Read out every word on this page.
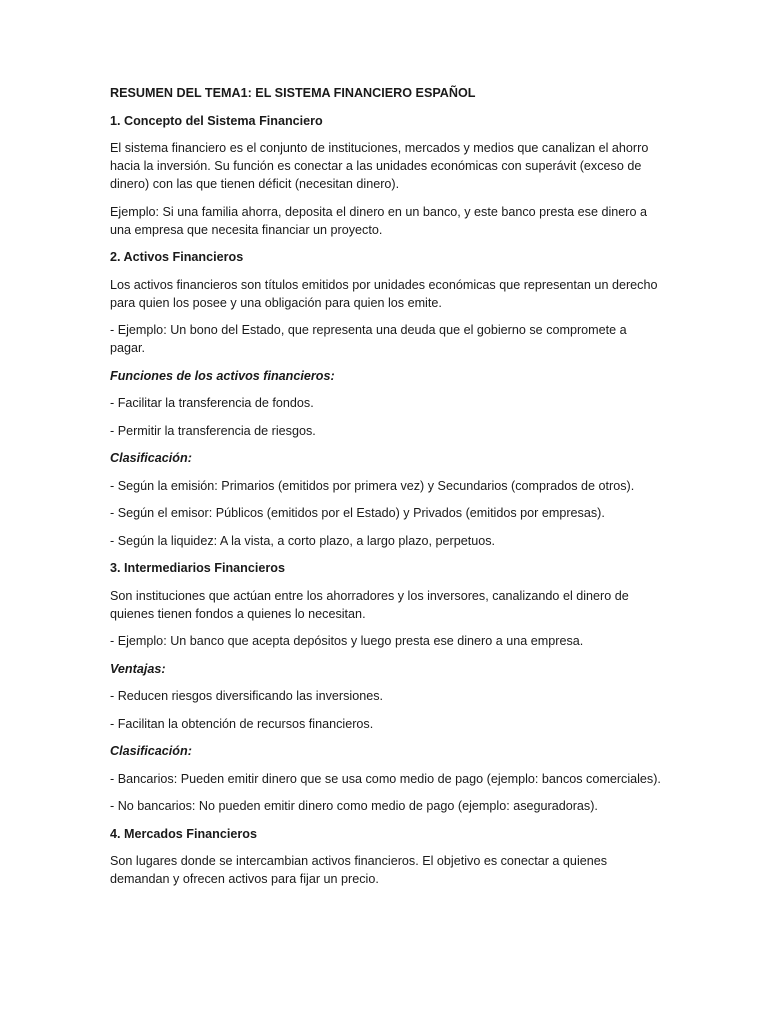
RESUMEN DEL TEMA1: EL SISTEMA FINANCIERO ESPAÑOL

1. Concepto del Sistema Financiero

El sistema financiero es el conjunto de instituciones, mercados y medios que canalizan el ahorro hacia la inversión. Su función es conectar a las unidades económicas con superávit (exceso de dinero) con las que tienen déficit (necesitan dinero).

Ejemplo: Si una familia ahorra, deposita el dinero en un banco, y este banco presta ese dinero a una empresa que necesita financiar un proyecto.

2. Activos Financieros

Los activos financieros son títulos emitidos por unidades económicas que representan un derecho para quien los posee y una obligación para quien los emite.

- Ejemplo: Un bono del Estado, que representa una deuda que el gobierno se compromete a pagar.

Funciones de los activos financieros:

- Facilitar la transferencia de fondos.

- Permitir la transferencia de riesgos.

Clasificación:

- Según la emisión: Primarios (emitidos por primera vez) y Secundarios (comprados de otros).

- Según el emisor: Públicos (emitidos por el Estado) y Privados (emitidos por empresas).

- Según la liquidez: A la vista, a corto plazo, a largo plazo, perpetuos.

3. Intermediarios Financieros

Son instituciones que actúan entre los ahorradores y los inversores, canalizando el dinero de quienes tienen fondos a quienes lo necesitan.

- Ejemplo: Un banco que acepta depósitos y luego presta ese dinero a una empresa.

Ventajas:

- Reducen riesgos diversificando las inversiones.

- Facilitan la obtención de recursos financieros.

Clasificación:

- Bancarios: Pueden emitir dinero que se usa como medio de pago (ejemplo: bancos comerciales).

- No bancarios: No pueden emitir dinero como medio de pago (ejemplo: aseguradoras).

4. Mercados Financieros

Son lugares donde se intercambian activos financieros. El objetivo es conectar a quienes demandan y ofrecen activos para fijar un precio.
